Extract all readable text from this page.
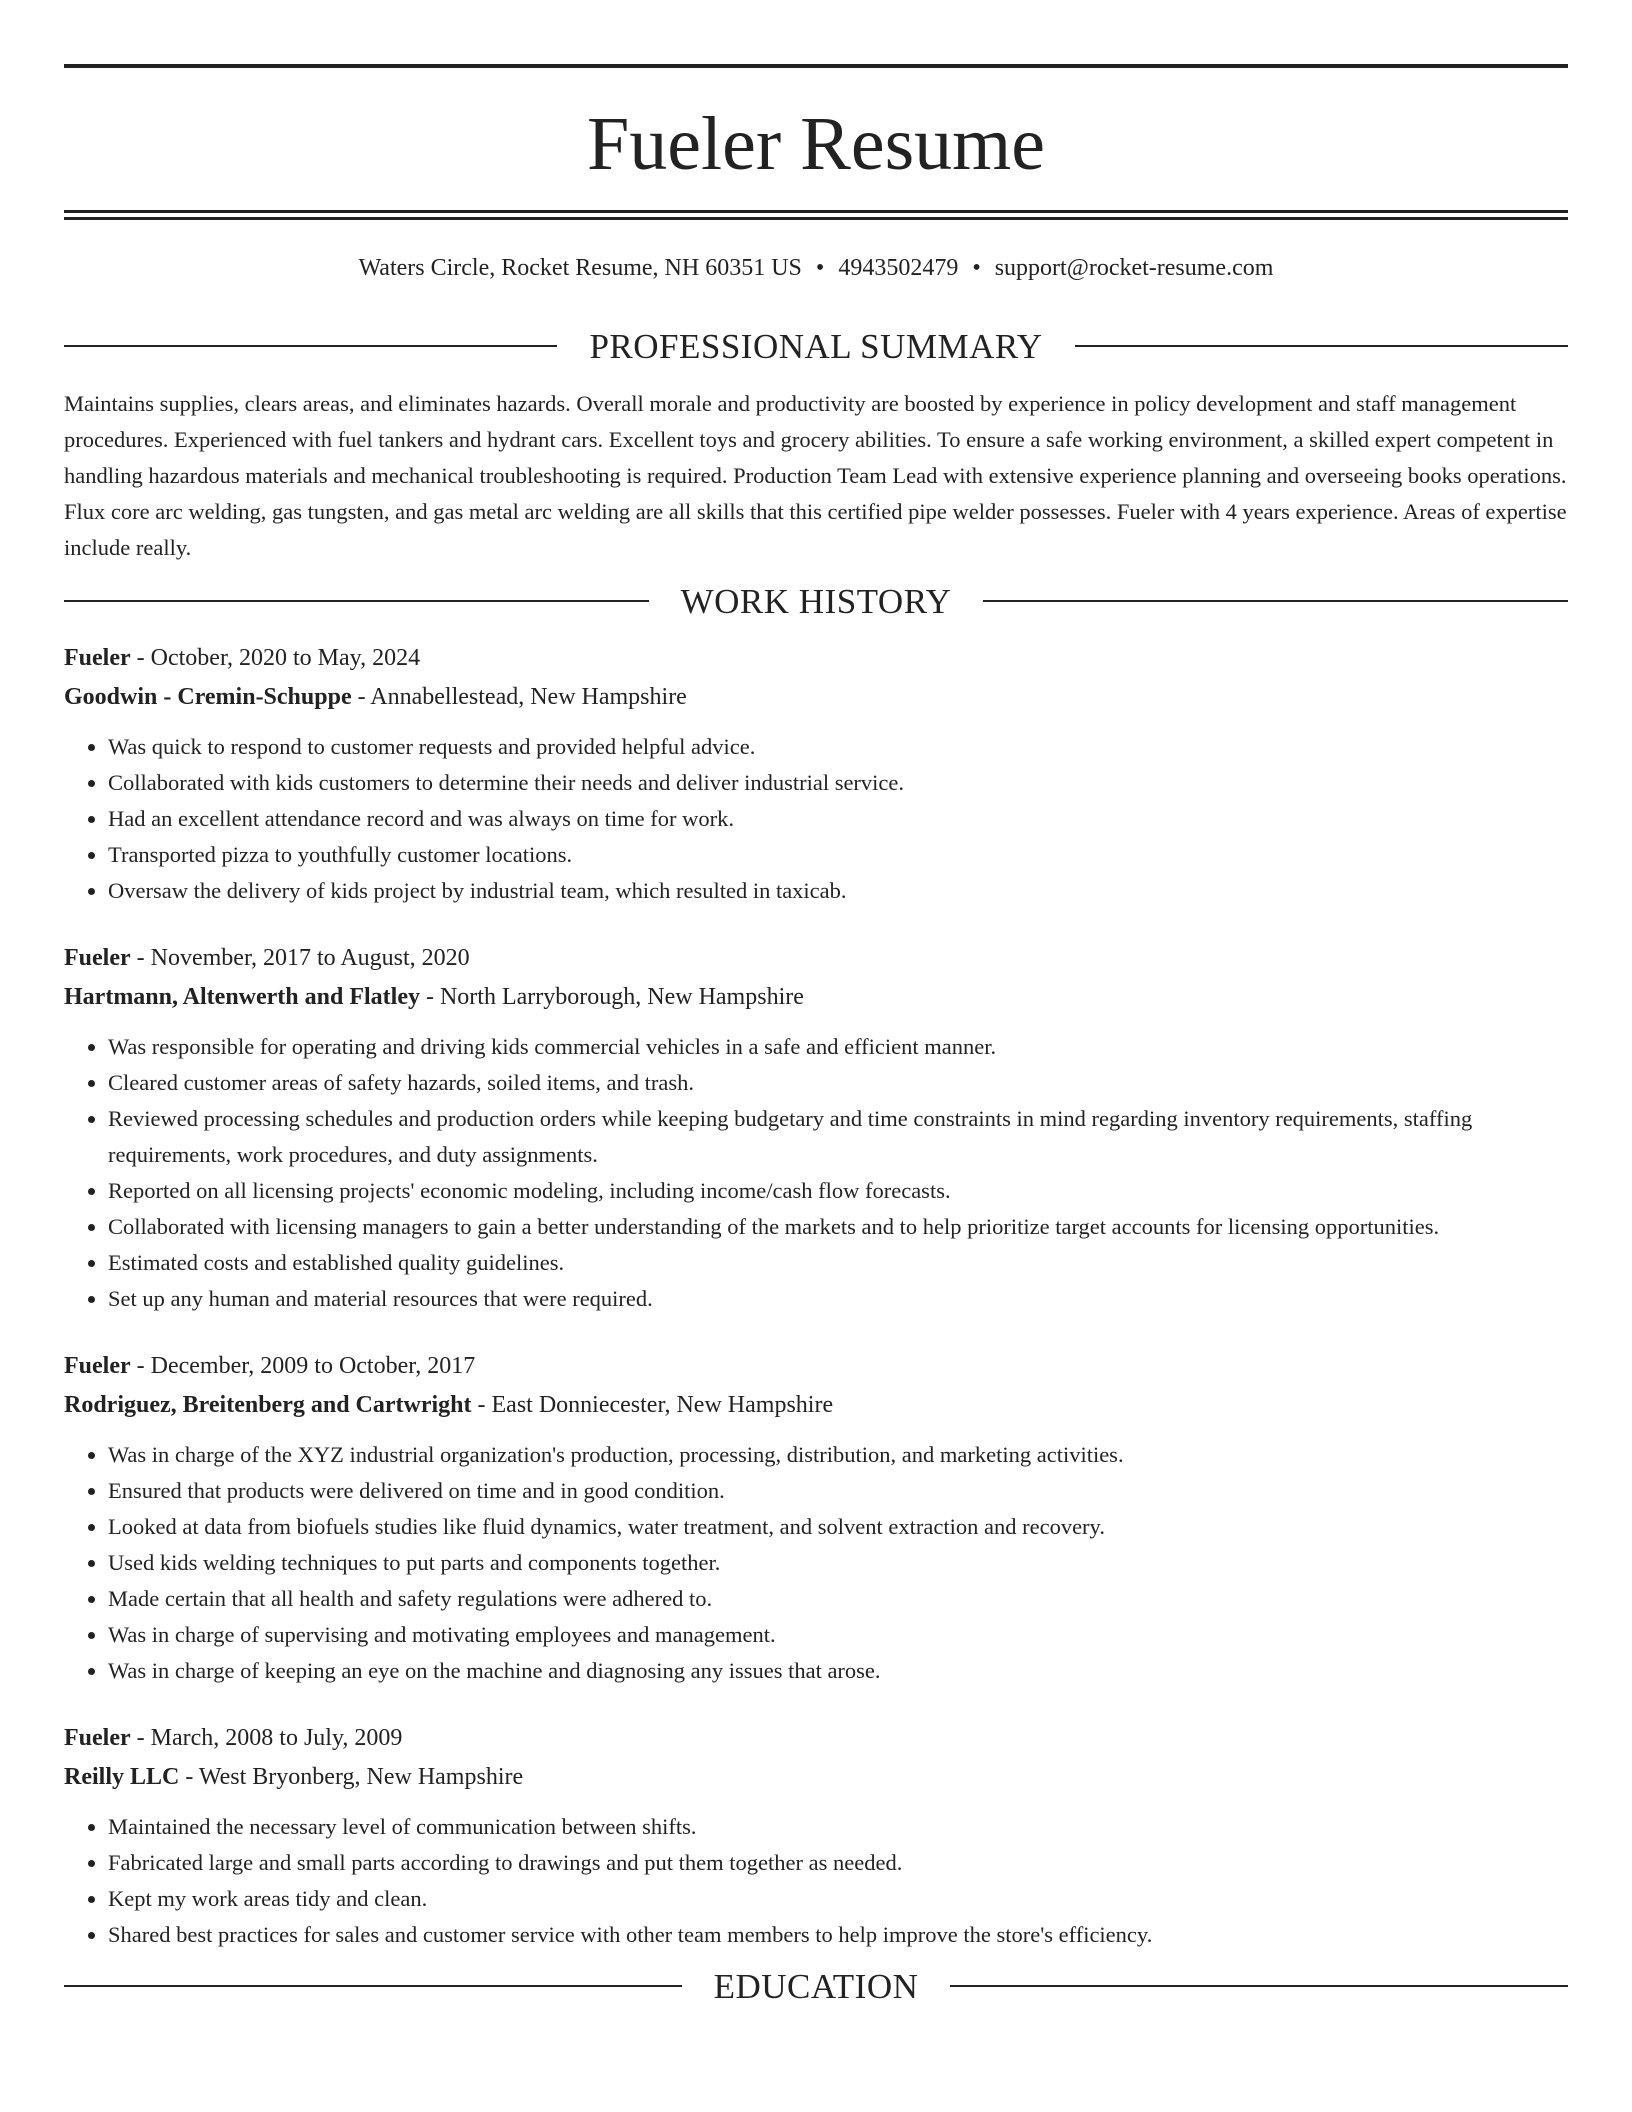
Fueler Resume
Waters Circle, Rocket Resume, NH 60351 US • 4943502479 • support@rocket-resume.com
PROFESSIONAL SUMMARY

Maintains supplies, clears areas, and eliminates hazards. Overall morale and productivity are boosted by experience in policy development and staff management procedures. Experienced with fuel tankers and hydrant cars. Excellent toys and grocery abilities. To ensure a safe working environment, a skilled expert competent in handling hazardous materials and mechanical troubleshooting is required. Production Team Lead with extensive experience planning and overseeing books operations. Flux core arc welding, gas tungsten, and gas metal arc welding are all skills that this certified pipe welder possesses. Fueler with 4 years experience. Areas of expertise include really.

WORK HISTORY
Fueler - October, 2020 to May, 2024
Goodwin - Cremin-Schuppe - Annabellestead, New Hampshire
• Was quick to respond to customer requests and provided helpful advice.
• Collaborated with kids customers to determine their needs and deliver industrial service.
• Had an excellent attendance record and was always on time for work.
• Transported pizza to youthfully customer locations.
• Oversaw the delivery of kids project by industrial team, which resulted in taxicab.
Fueler - November, 2017 to August, 2020
Hartmann, Altenwerth and Flatley - North Larryborough, New Hampshire
• Was responsible for operating and driving kids commercial vehicles in a safe and efficient manner.
• Cleared customer areas of safety hazards, soiled items, and trash.
• Reviewed processing schedules and production orders while keeping budgetary and time constraints in mind regarding inventory requirements, staffing requirements, work procedures, and duty assignments.
• Reported on all licensing projects' economic modeling, including income/cash flow forecasts.
• Collaborated with licensing managers to gain a better understanding of the markets and to help prioritize target accounts for licensing opportunities.
• Estimated costs and established quality guidelines.
• Set up any human and material resources that were required.
Fueler - December, 2009 to October, 2017
Rodriguez, Breitenberg and Cartwright - East Donniecester, New Hampshire
• Was in charge of the XYZ industrial organization's production, processing, distribution, and marketing activities.
• Ensured that products were delivered on time and in good condition.
• Looked at data from biofuels studies like fluid dynamics, water treatment, and solvent extraction and recovery.
• Used kids welding techniques to put parts and components together.
• Made certain that all health and safety regulations were adhered to.
• Was in charge of supervising and motivating employees and management.
• Was in charge of keeping an eye on the machine and diagnosing any issues that arose.
Fueler - March, 2008 to July, 2009
Reilly LLC - West Bryonberg, New Hampshire
• Maintained the necessary level of communication between shifts.
• Fabricated large and small parts according to drawings and put them together as needed.
• Kept my work areas tidy and clean.
• Shared best practices for sales and customer service with other team members to help improve the store's efficiency.
EDUCATION
